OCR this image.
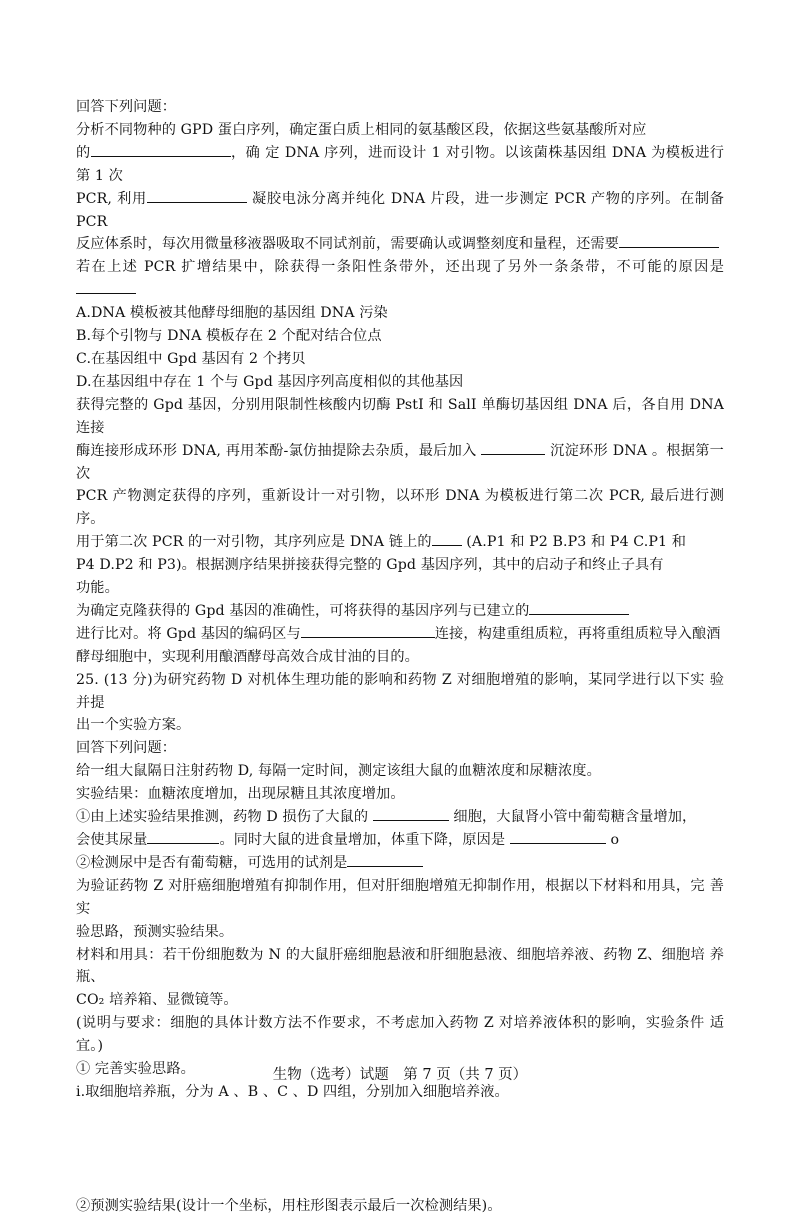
回答下列问题：

分析不同物种的 GPD 蛋白序列，确定蛋白质上相同的氨基酸区段，依据这些氨基酸所对应

的	，确 定 DNA 序列，进而设计 1 对引物。以该菌株基因组 DNA 为模板进行 第 1 次

PCR, 利用	凝胶电泳分离并纯化 DNA 片段，进一步测定 PCR 产物的序列。在制备 PCR

反应体系时，每次用微量移液器吸取不同试剂前，需要确认或调整刻度和量程，还需要

若在上述 PCR 扩增结果中，除获得一条阳性条带外，还出现了另外一条条带，不可能的原因是

A.DNA 模板被其他酵母细胞的基因组 DNA 污染

B.每个引物与 DNA 模板存在 2 个配对结合位点

C.在基因组中 Gpd 基因有 2 个拷贝

D.在基因组中存在 1 个与 Gpd 基因序列高度相似的其他基因

获得完整的 Gpd 基因，分别用限制性核酸内切酶 PstI 和 SalI 单酶切基因组 DNA 后，各自用 DNA 连接

酶连接形成环形 DNA, 再用苯酚-氯仿抽提除去杂质，最后加入	沉淀环形 DNA 。根据第一次

PCR 产物测定获得的序列，重新设计一对引物，以环形 DNA 为模板进行第二次 PCR, 最后进行测序。

用于第二次 PCR 的一对引物，其序列应是 DNA 链上的 (A.P1 和 P2 B.P3 和 P4 C.P1 和

P4 D.P2 和 P3)。根据测序结果拼接获得完整的 Gpd 基因序列，其中的启动子和终止子具有

功能。

为确定克隆获得的 Gpd 基因的准确性，可将获得的基因序列与已建立的

进行比对。将 Gpd 基因的编码区与	连接，构建重组质粒，再将重组质粒导入酿酒

酵母细胞中，实现利用酿酒酵母高效合成甘油的目的。

25. (13 分)为研究药物 D 对机体生理功能的影响和药物 Z 对细胞增殖的影响，某同学进行以下实 验并提

出一个实验方案。

回答下列问题：

给一组大鼠隔日注射药物 D, 每隔一定时间，测定该组大鼠的血糖浓度和尿糖浓度。

实验结果：血糖浓度增加，出现尿糖且其浓度增加。

①由上述实验结果推测，药物 D 损伤了大鼠的	细胞，大鼠肾小管中葡萄糖含量增加，

会使其尿量	。同时大鼠的进食量增加，体重下降，原因是	o

②检测尿中是否有葡萄糖，可选用的试剂是

为验证药物 Z 对肝癌细胞增殖有抑制作用，但对肝细胞增殖无抑制作用，根据以下材料和用具，完 善实

验思路，预测实验结果。

材料和用具：若干份细胞数为 N 的大鼠肝癌细胞悬液和肝细胞悬液、细胞培养液、药物 Z、细胞培 养瓶、

CO₂ 培养箱、显微镜等。

(说明与要求：细胞的具体计数方法不作要求，不考虑加入药物 Z 对培养液体积的影响，实验条件 适宜。)

① 完善实验思路。

i.取细胞培养瓶，分为 A 、B 、C 、D 四组，分别加入细胞培养液。

②预测实验结果(设计一个坐标，用柱形图表示最后一次检测结果)。

生物（选考）试题　第 7 页（共 7 页）
